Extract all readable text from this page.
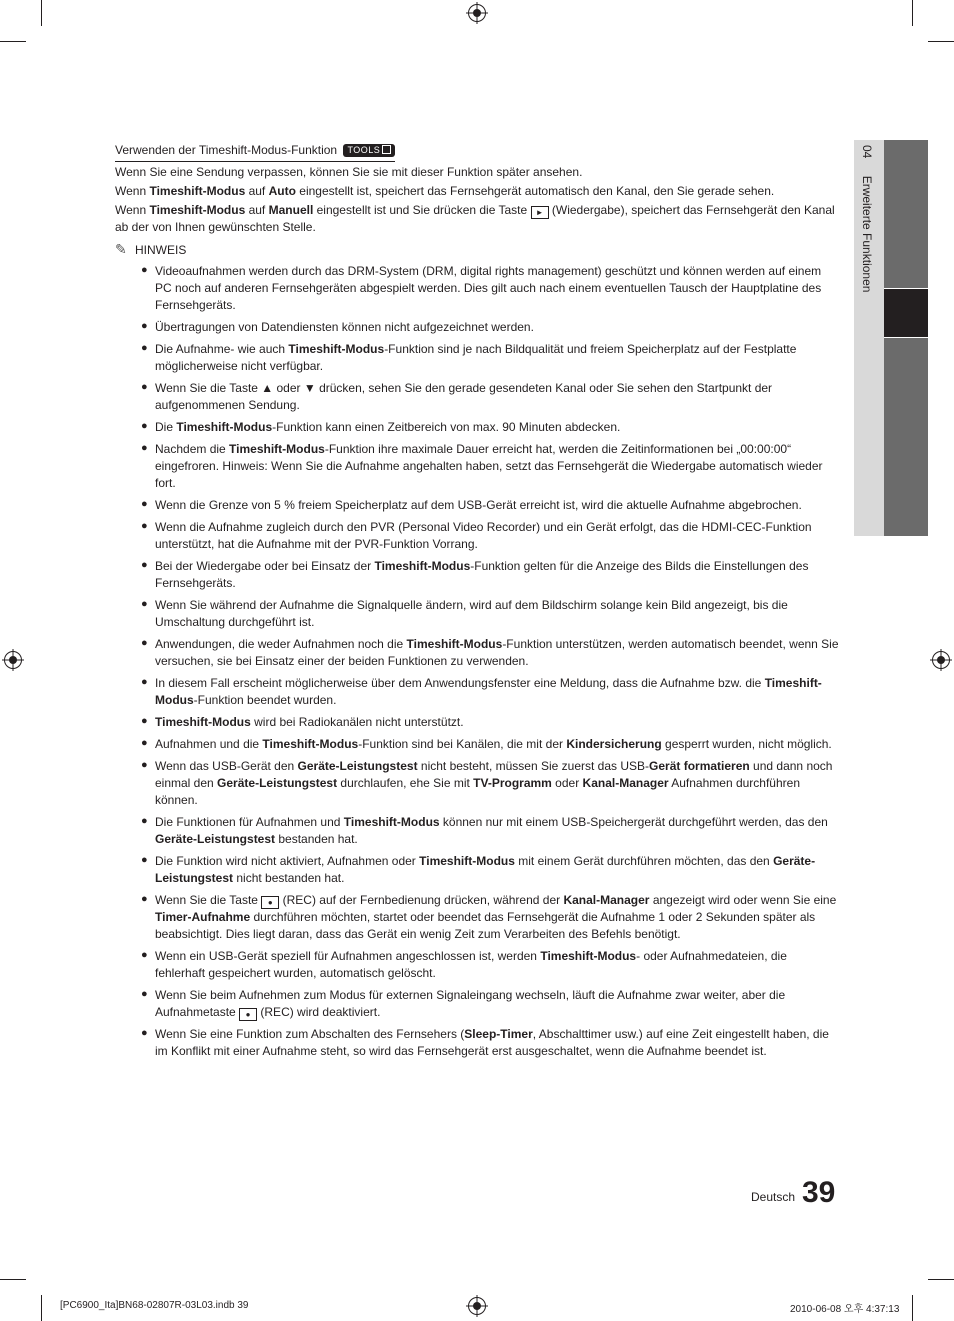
04 Erweiterte Funktionen
Verwenden der Timeshift-Modus-Funktion TOOLS

Wenn Sie eine Sendung verpassen, können Sie sie mit dieser Funktion später ansehen.

Wenn Timeshift-Modus auf Auto eingestellt ist, speichert das Fernsehgerät automatisch den Kanal, den Sie gerade sehen.

Wenn Timeshift-Modus auf Manuell eingestellt ist und Sie drücken die Taste ► (Wiedergabe), speichert das Fernsehgerät den Kanal ab der von Ihnen gewünschten Stelle.

✎ HINWEIS
● Videoaufnahmen werden durch das DRM-System (DRM, digital rights management) geschützt und können werden auf einem PC noch auf anderen Fernsehgeräten abgespielt werden. Dies gilt auch nach einem eventuellen Tausch der Hauptplatine des Fernsehgeräts.
● Übertragungen von Datendiensten können nicht aufgezeichnet werden.
● Die Aufnahme- wie auch Timeshift-Modus-Funktion sind je nach Bildqualität und freiem Speicherplatz auf der Festplatte möglicherweise nicht verfügbar.
● Wenn Sie die Taste ▲ oder ▼ drücken, sehen Sie den gerade gesendeten Kanal oder Sie sehen den Startpunkt der aufgenommenen Sendung.
● Die Timeshift-Modus-Funktion kann einen Zeitbereich von max. 90 Minuten abdecken.
● Nachdem die Timeshift-Modus-Funktion ihre maximale Dauer erreicht hat, werden die Zeitinformationen bei „00:00:00“ eingefroren. Hinweis: Wenn Sie die Aufnahme angehalten haben, setzt das Fernsehgerät die Wiedergabe automatisch wieder fort.
● Wenn die Grenze von 5 % freiem Speicherplatz auf dem USB-Gerät erreicht ist, wird die aktuelle Aufnahme abgebrochen.
● Wenn die Aufnahme zugleich durch den PVR (Personal Video Recorder) und ein Gerät erfolgt, das die HDMI-CEC-Funktion unterstützt, hat die Aufnahme mit der PVR-Funktion Vorrang.
● Bei der Wiedergabe oder bei Einsatz der Timeshift-Modus-Funktion gelten für die Anzeige des Bilds die Einstellungen des Fernsehgeräts.
● Wenn Sie während der Aufnahme die Signalquelle ändern, wird auf dem Bildschirm solange kein Bild angezeigt, bis die Umschaltung durchgeführt ist.
● Anwendungen, die weder Aufnahmen noch die Timeshift-Modus-Funktion unterstützen, werden automatisch beendet, wenn Sie versuchen, sie bei Einsatz einer der beiden Funktionen zu verwenden.
● In diesem Fall erscheint möglicherweise über dem Anwendungsfenster eine Meldung, dass die Aufnahme bzw. die Timeshift-Modus-Funktion beendet wurden.
● Timeshift-Modus wird bei Radiokanälen nicht unterstützt.
● Aufnahmen und die Timeshift-Modus-Funktion sind bei Kanälen, die mit der Kindersicherung gesperrt wurden, nicht möglich.
● Wenn das USB-Gerät den Geräte-Leistungstest nicht besteht, müssen Sie zuerst das USB-Gerät formatieren und dann noch einmal den Geräte-Leistungstest durchlaufen, ehe Sie mit TV-Programm oder Kanal-Manager Aufnahmen durchführen können.
● Die Funktionen für Aufnahmen und Timeshift-Modus können nur mit einem USB-Speichergerät durchgeführt werden, das den Geräte-Leistungstest bestanden hat.
● Die Funktion wird nicht aktiviert, Aufnahmen oder Timeshift-Modus mit einem Gerät durchführen möchten, das den Geräte-Leistungstest nicht bestanden hat.
● Wenn Sie die Taste ● (REC) auf der Fernbedienung drücken, während der Kanal-Manager angezeigt wird oder wenn Sie eine Timer-Aufnahme durchführen möchten, startet oder beendet das Fernsehgerät die Aufnahme 1 oder 2 Sekunden später als beabsichtigt. Dies liegt daran, dass das Gerät ein wenig Zeit zum Verarbeiten des Befehls benötigt.
● Wenn ein USB-Gerät speziell für Aufnahmen angeschlossen ist, werden Timeshift-Modus- oder Aufnahmedateien, die fehlerhaft gespeichert wurden, automatisch gelöscht.
● Wenn Sie beim Aufnehmen zum Modus für externen Signaleingang wechseln, läuft die Aufnahme zwar weiter, aber die Aufnahmetaste ● (REC) wird deaktiviert.
● Wenn Sie eine Funktion zum Abschalten des Fernsehers (Sleep-Timer, Abschalttimer usw.) auf eine Zeit eingestellt haben, die im Konflikt mit einer Aufnahme steht, so wird das Fernsehgerät erst ausgeschaltet, wenn die Aufnahme beendet ist.
Deutsch 39
[PC6900_Ita]BN68-02807R-03L03.indb 39	2010-06-08 오후 4:37:13
